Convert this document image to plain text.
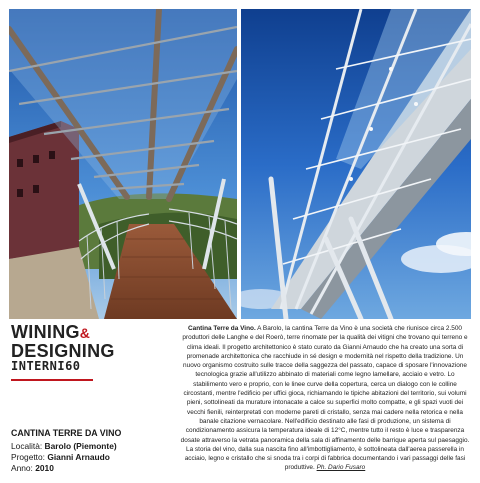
WINING&
DESIGNING
INTERNI60
CANTINA TERRE DA VINO
Località: Barolo (Piemonte)
Progetto: Gianni Arnaudo
Anno: 2010
Cantina Terre da Vino. A Barolo, la cantina Terre da Vino è una società che riunisce circa 2.500 produttori delle Langhe e del Roerò, terre rinomate per la qualità dei vitigni che trovano qui terreno e clima ideali. Il progetto architettonico è stato curato da Gianni Arnaudo che ha creato una sorta di promenade architettonica che racchiude in sé design e modernità nel rispetto della tradizione. Un nuovo organismo costruito sulle tracce della saggezza del passato, capace di sposare l'innovazione tecnologica grazie all'utilizzo abbinato di materiali come legno lamellare, acciaio e vetro. Lo stabilimento vero e proprio, con le linee curve della copertura, cerca un dialogo con le colline circostanti, mentre l'edificio per uffici gioca, richiamando le tipiche abitazioni del territorio, sui volumi pieni, sottolineati da murature intonacate a calce su superfici molto compatte, e gli spazi vuoti dei vecchi fienili, reinterpretati con moderne pareti di cristallo, senza mai cadere nella retorica e nella banale citazione vernacolare. Nell'edificio destinato alle fasi di produzione, un sistema di condizionamento assicura la temperatura ideale di 12°C, mentre tutto il resto è luce e trasparenza dosate attraverso la vetrata panoramica della sala di affinamento delle barrique aperta sul paesaggio. La storia del vino, dalla sua nascita fino all'imbottigliamento, è sottolineata dall'aerea passerella in acciaio, legno e cristallo che si snoda tra i corpi di fabbrica documentando i vari passaggi delle fasi produttive. Ph. Dario Fusaro
